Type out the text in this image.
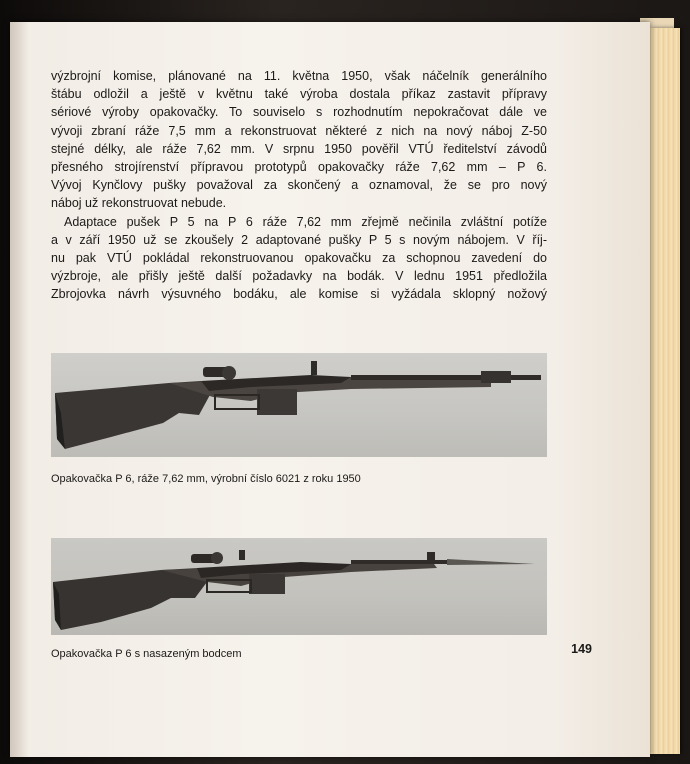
výzbrojní komise, plánované na 11. května 1950, však náčelník generálního
štábu odložil a ještě v květnu také výroba dostala příkaz zastavit přípravy
sériové výroby opakovačky. To souviselo s rozhodnutím nepokračovat dále ve
vývoji zbraní ráže 7,5 mm a rekonstruovat některé z nich na nový náboj Z-50
stejné délky, ale ráže 7,62 mm. V srpnu 1950 pověřil VTÚ ředitelství závodů
přesného strojírenství přípravou prototypů opakovačky ráže 7,62 mm – P 6.
Vývoj Kynčlovy pušky považoval za skončený a oznamoval, že se pro nový
náboj už rekonstruovat nebude.
Adaptace pušek P 5 na P 6 ráže 7,62 mm zřejmě nečinila zvláštní potíže
a v září 1950 už se zkoušely 2 adaptované pušky P 5 s novým nábojem. V říj-
nu pak VTÚ pokládal rekonstruovanou opakovačku za schopnou zavedení do
výzbroje, ale přišly ještě další požadavky na bodák. V lednu 1951 předložila
Zbrojovka návrh výsuvného bodáku, ale komise si vyžádala sklopný nožový
Opakovačka P 6, ráže 7,62 mm, výrobní číslo 6021 z roku 1950
Opakovačka P 6 s nasazeným bodcem	149
